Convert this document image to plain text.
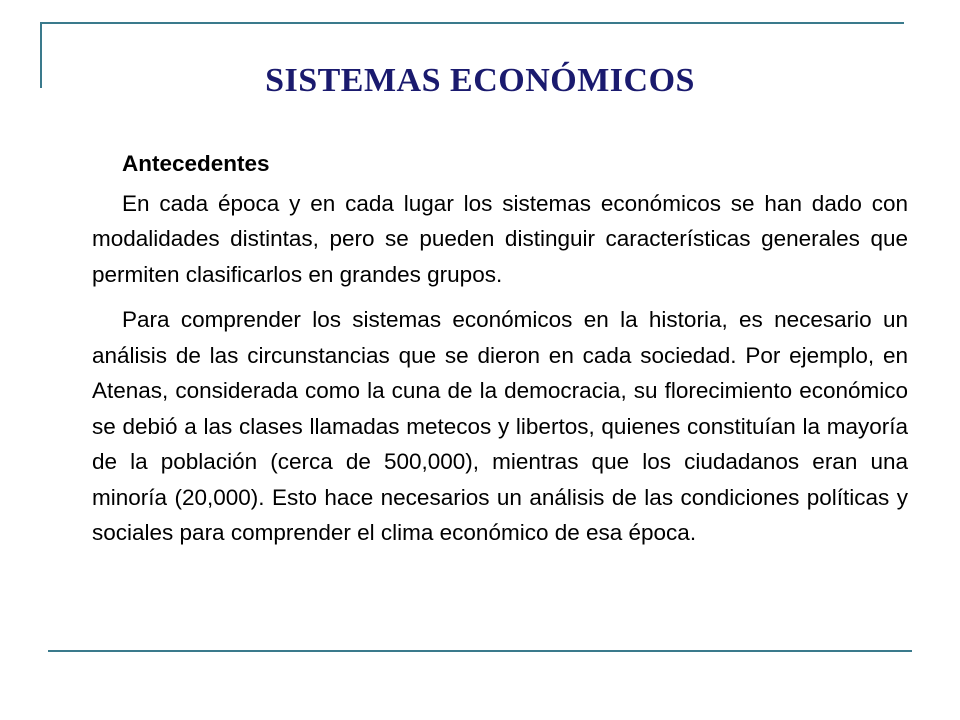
SISTEMAS ECONÓMICOS
Antecedentes

En cada época y en cada lugar los sistemas económicos se han dado con modalidades distintas, pero se pueden distinguir características generales que permiten clasificarlos en grandes grupos.

Para comprender los sistemas económicos en la historia, es necesario un análisis de las circunstancias que se dieron en cada sociedad. Por ejemplo, en Atenas, considerada como la cuna de la democracia, su florecimiento económico se debió a las clases llamadas metecos y libertos, quienes constituían la mayoría de la población (cerca de 500,000), mientras que los ciudadanos eran una minoría (20,000). Esto hace necesarios un análisis de las condiciones políticas y sociales para comprender el clima económico de esa época.
